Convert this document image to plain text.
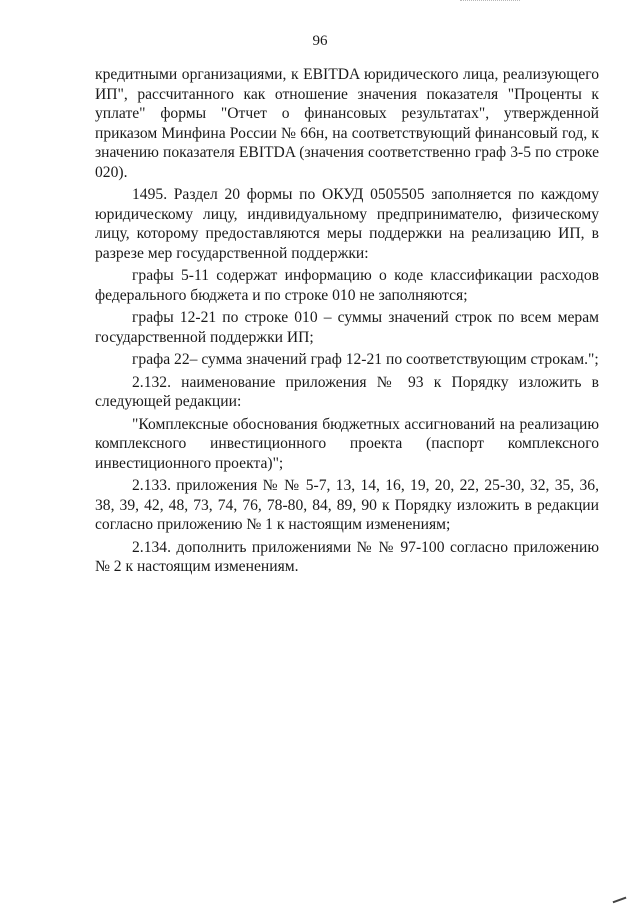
96

кредитными организациями, к EBITDA юридического лица, реализующего ИП", рассчитанного как отношение значения показателя "Проценты к уплате" формы "Отчет о финансовых результатах", утвержденной приказом Минфина России № 66н, на соответствующий финансовый год, к значению показателя EBITDA (значения соответственно граф 3-5 по строке 020).

1495. Раздел 20 формы по ОКУД 0505505 заполняется по каждому юридическому лицу, индивидуальному предпринимателю, физическому лицу, которому предоставляются меры поддержки на реализацию ИП, в разрезе мер государственной поддержки:

графы 5-11 содержат информацию о коде классификации расходов федерального бюджета и по строке 010 не заполняются;

графы 12-21 по строке 010 – суммы значений строк по всем мерам государственной поддержки ИП;

графа 22– сумма значений граф 12-21 по соответствующим строкам.";

2.132. наименование приложения № 93 к Порядку изложить в следующей редакции:

"Комплексные обоснования бюджетных ассигнований на реализацию комплексного инвестиционного проекта (паспорт комплексного инвестиционного проекта)";

2.133. приложения № № 5-7, 13, 14, 16, 19, 20, 22, 25-30, 32, 35, 36, 38, 39, 42, 48, 73, 74, 76, 78-80, 84, 89, 90 к Порядку изложить в редакции согласно приложению № 1 к настоящим изменениям;

2.134. дополнить приложениями № № 97-100 согласно приложению № 2 к настоящим изменениям.
